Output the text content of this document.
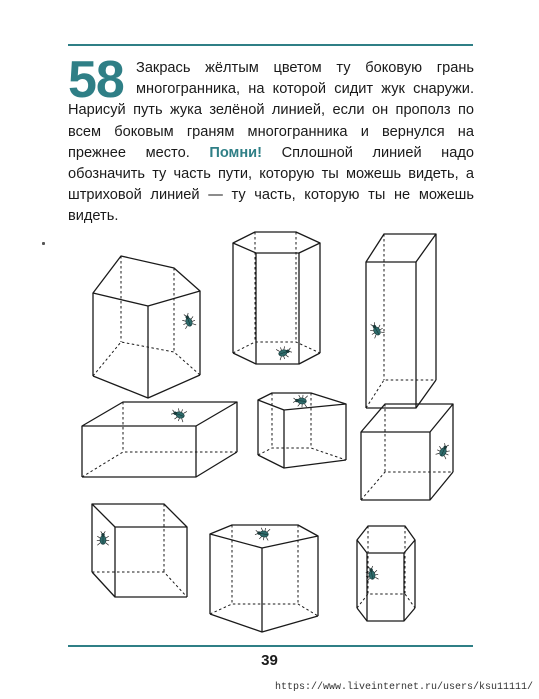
58 Закрась жёлтым цветом ту боковую грань многогранника, на которой сидит жук снаружи. Нарисуй путь жука зелёной линией, если он прополз по всем боковым граням многогранника и вернулся на прежнее место. Помни! Сплошной линией надо обозначить ту часть пути, которую ты можешь видеть, а штриховой линией — ту часть, которую ты не можешь видеть.
39
https://www.liveinternet.ru/users/ksu11111/
